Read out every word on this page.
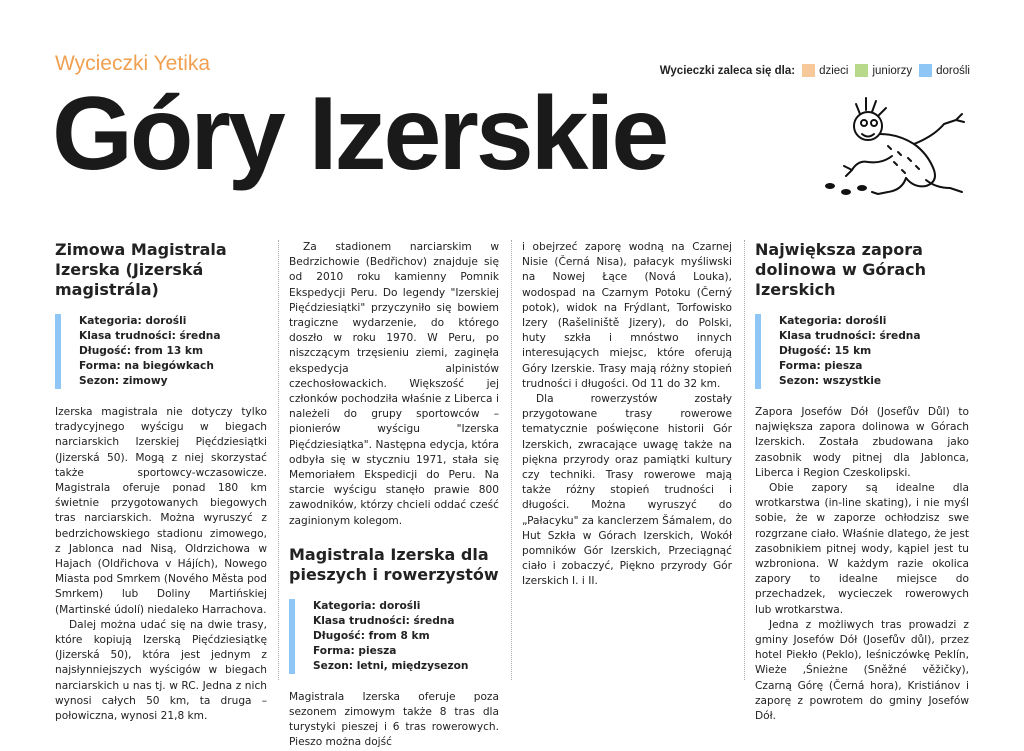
Wycieczki Yetika	Wycieczki zaleca się dla: dzieci juniorzy dorośli
Góry Izerskie
Zimowa Magistrala Izerska (Jizerská magistrála)
Kategoria: dorośli
Klasa trudności: średna
Długość: from 13 km
Forma: na biegówkach
Sezon: zimowy

Izerska magistrala nie dotyczy tylko tradycyjnego wyścigu w biegach narciarskich Izerskiej Pięćdziesiątki (Jizerská 50). Mogą z niej skorzystać także sportowcy-wczasowicze. Magistrala oferuje ponad 180 km świetnie przygotowanych biegowych tras narciarskich. Można wyruszyć z bedrzichowskiego stadionu zimowego, z Jablonca nad Nisą, Oldrzichowa w Hajach (Oldřichova v Hájích), Nowego Miasta pod Smrkem (Nového Města pod Smrkem) lub Doliny Martińskiej (Martinské údolí) niedaleko Harrachova.

Dalej można udać się na dwie trasy, które kopiują Izerską Pięćdziesiątkę (Jizerská 50), która jest jednym z najsłynniejszych wyścigów w biegach narciarskich u nas tj. w RC. Jedna z nich wynosi całych 50 km, ta druga – połowiczna, wynosi 21,8 km.

Za stadionem narciarskim w Bedrzichowie (Bedřichov) znajduje się od 2010 roku kamienny Pomnik Ekspedycji Peru. Do legendy "Izerskiej Pięćdziesiątki" przyczyniło się bowiem tragiczne wydarzenie, do którego doszło w roku 1970. W Peru, po niszczącym trzęsieniu ziemi, zaginęła ekspedycja alpinistów czechosłowackich. Większość jej członków pochodziła właśnie z Liberca i należeli do grupy sportowców – pionierów wyścigu "Izerska Pięćdziesiątka". Następna edycja, która odbyła się w styczniu 1971, stała się Memoriałem Ekspedicji do Peru. Na starcie wyścigu stanęło prawie 800 zawodników, którzy chcieli oddać cześć zaginionym kolegom.

Magistrala Izerska dla pieszych i rowerzystów
Kategoria: dorośli
Klasa trudności: średna
Długość: from 8 km
Forma: piesza
Sezon: letni, międzysezon

Magistrala Izerska oferuje poza sezonem zimowym także 8 tras dla turystyki pieszej i 6 tras rowerowych. Pieszo można dojść

i obejrzeć zaporę wodną na Czarnej Nisie (Černá Nisa), pałacyk myśliwski na Nowej Łące (Nová Louka), wodospad na Czarnym Potoku (Černý potok), widok na Frýdlant, Torfowisko Izery (Rašeliniště Jizery), do Polski, huty szkła i mnóstwo innych interesujących miejsc, które oferują Góry Izerskie. Trasy mają różny stopień trudności i długości. Od 11 do 32 km.

Dla rowerzystów zostały przygotowane trasy rowerowe tematycznie poświęcone historii Gór Izerskich, zwracające uwagę także na piękna przyrody oraz pamiątki kultury czy techniki. Trasy rowerowe mają także różny stopień trudności i długości. Można wyruszyć do „Pałacyku" za kanclerzem Šámalem, do Hut Szkła w Górach Izerskich, Wokół pomników Gór Izerskich, Przeciągnąć ciało i zobaczyć, Piękno przyrody Gór Izerskich I. i II.

Największa zapora dolinowa w Górach Izerskich
Kategoria: dorośli
Klasa trudności: średna
Długość: 15 km
Forma: piesza
Sezon: wszystkie

Zapora Josefów Dół (Josefův Důl) to największa zapora dolinowa w Górach Izerskich. Została zbudowana jako zasobnik wody pitnej dla Jablonca, Liberca i Region Czeskolipski.

Obie zapory są idealne dla wrotkarstwa (in-line skating), i nie myśl sobie, że w zaporze ochłodzisz swe rozgrzane ciało. Właśnie dlatego, że jest zasobnikiem pitnej wody, kąpiel jest tu wzbroniona. W każdym razie okolica zapory to idealne miejsce do przechadzek, wycieczek rowerowych lub wrotkarstwa.

Jedna z możliwych tras prowadzi z gminy Josefów Dół (Josefův důl), przez hotel Piekło (Peklo), leśniczówkę Peklín, Wieże ‚Śnieżne (Sněžné věžičky), Czarną Górę (Černá hora), Kristiánov i zaporę z powrotem do gminy Josefów Dół.
